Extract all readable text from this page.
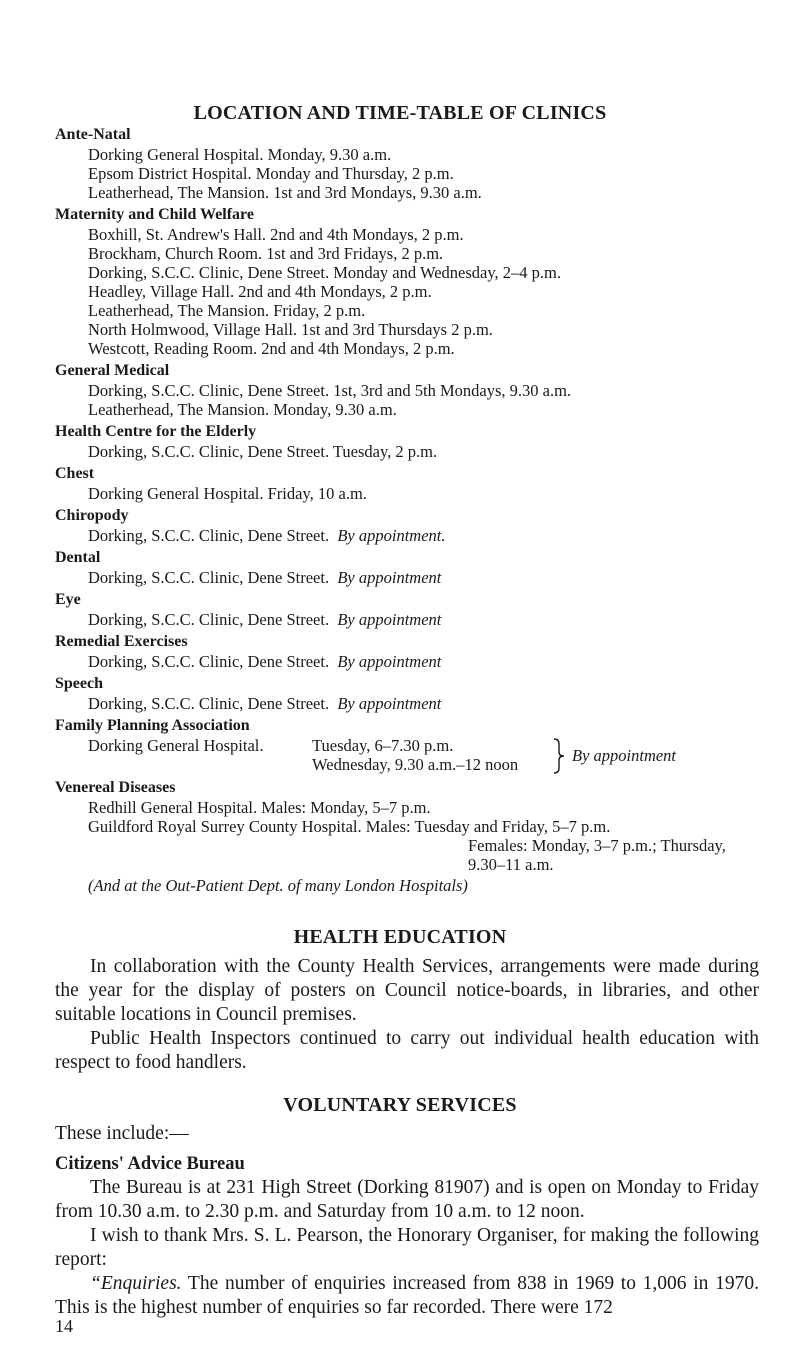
LOCATION AND TIME-TABLE OF CLINICS
Ante-Natal
Dorking General Hospital. Monday, 9.30 a.m.
Epsom District Hospital. Monday and Thursday, 2 p.m.
Leatherhead, The Mansion. 1st and 3rd Mondays, 9.30 a.m.
Maternity and Child Welfare
Boxhill, St. Andrew's Hall. 2nd and 4th Mondays, 2 p.m.
Brockham, Church Room. 1st and 3rd Fridays, 2 p.m.
Dorking, S.C.C. Clinic, Dene Street. Monday and Wednesday, 2–4 p.m.
Headley, Village Hall. 2nd and 4th Mondays, 2 p.m.
Leatherhead, The Mansion. Friday, 2 p.m.
North Holmwood, Village Hall. 1st and 3rd Thursdays 2 p.m.
Westcott, Reading Room. 2nd and 4th Mondays, 2 p.m.
General Medical
Dorking, S.C.C. Clinic, Dene Street. 1st, 3rd and 5th Mondays, 9.30 a.m.
Leatherhead, The Mansion. Monday, 9.30 a.m.
Health Centre for the Elderly
Dorking, S.C.C. Clinic, Dene Street. Tuesday, 2 p.m.
Chest
Dorking General Hospital. Friday, 10 a.m.
Chiropody
Dorking, S.C.C. Clinic, Dene Street. By appointment.
Dental
Dorking, S.C.C. Clinic, Dene Street. By appointment
Eye
Dorking, S.C.C. Clinic, Dene Street. By appointment
Remedial Exercises
Dorking, S.C.C. Clinic, Dene Street. By appointment
Speech
Dorking, S.C.C. Clinic, Dene Street. By appointment
Family Planning Association
Dorking General Hospital.	Tuesday, 6–7.30 p.m.
Wednesday, 9.30 a.m.–12 noon	By appointment
Venereal Diseases
Redhill General Hospital. Males: Monday, 5–7 p.m.
Guildford Royal Surrey County Hospital. Males: Tuesday and Friday, 5–7 p.m.
Females: Monday, 3–7 p.m.; Thursday,
9.30–11 a.m.
(And at the Out-Patient Dept. of many London Hospitals)
HEALTH EDUCATION
In collaboration with the County Health Services, arrangements were made during the year for the display of posters on Council notice-boards, in libraries, and other suitable locations in Council premises.
Public Health Inspectors continued to carry out individual health education with respect to food handlers.
VOLUNTARY SERVICES
These include:—
Citizens' Advice Bureau
The Bureau is at 231 High Street (Dorking 81907) and is open on Monday to Friday from 10.30 a.m. to 2.30 p.m. and Saturday from 10 a.m. to 12 noon.
I wish to thank Mrs. S. L. Pearson, the Honorary Organiser, for making the following report:
“Enquiries. The number of enquiries increased from 838 in 1969 to 1,006 in 1970. This is the highest number of enquiries so far recorded. There were 172
14
